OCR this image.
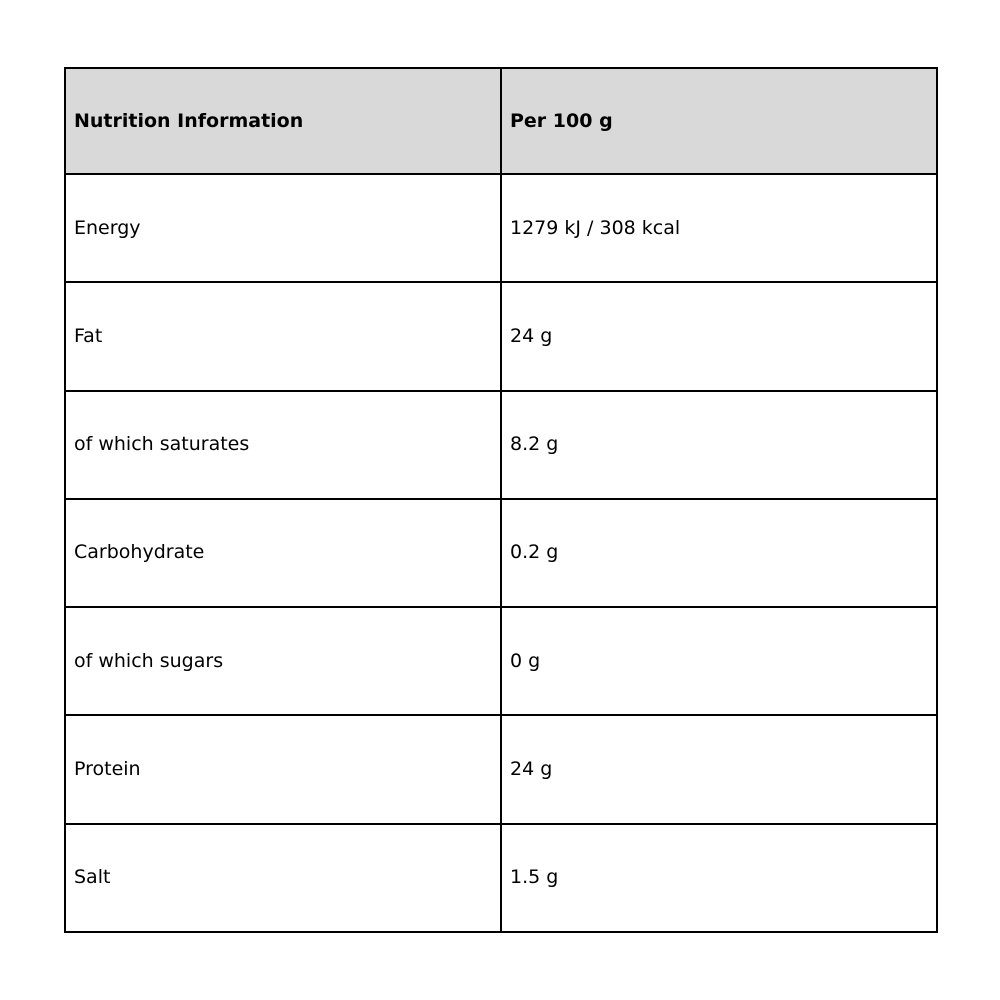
Nutrition Information	Per 100 g
Energy	1279 kJ / 308 kcal
Fat	24 g
of which saturates	8.2 g
Carbohydrate	0.2 g
of which sugars	0 g
Protein	24 g
Salt	1.5 g
